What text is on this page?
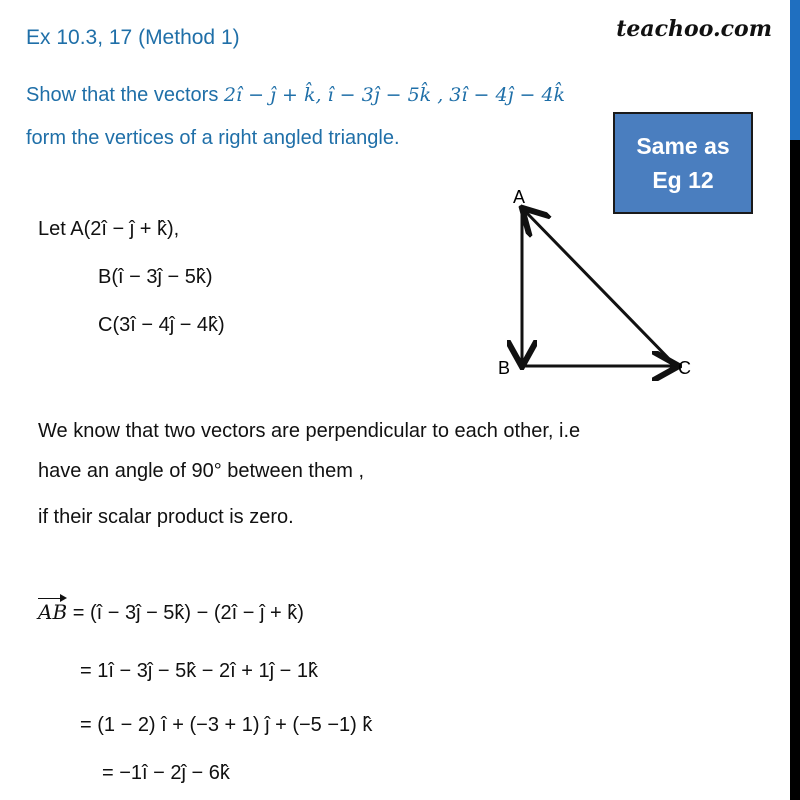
Ex 10.3, 17 (Method 1)	teachoo.com
Show that the vectors 2î − ĵ + k̂, î − 3ĵ − 5k̂ , 3î − 4ĵ − 4k̂
form the vertices of a right angled triangle.	Same as
Eg 12
A
B	C
Let A(2î − ĵ + k̂),
B(î − 3ĵ − 5k̂)
C(3î − 4ĵ − 4k̂)
We know that two vectors are perpendicular to each other, i.e
have an angle of 90° between them ,
if their scalar product is zero.
AB = (î − 3ĵ − 5k̂) − (2î − ĵ + k̂)
= 1î − 3ĵ − 5k̂ − 2î + 1ĵ − 1k̂
= (1 − 2) î + (−3 + 1) ĵ + (−5 −1) k̂
= −1î − 2ĵ − 6k̂
